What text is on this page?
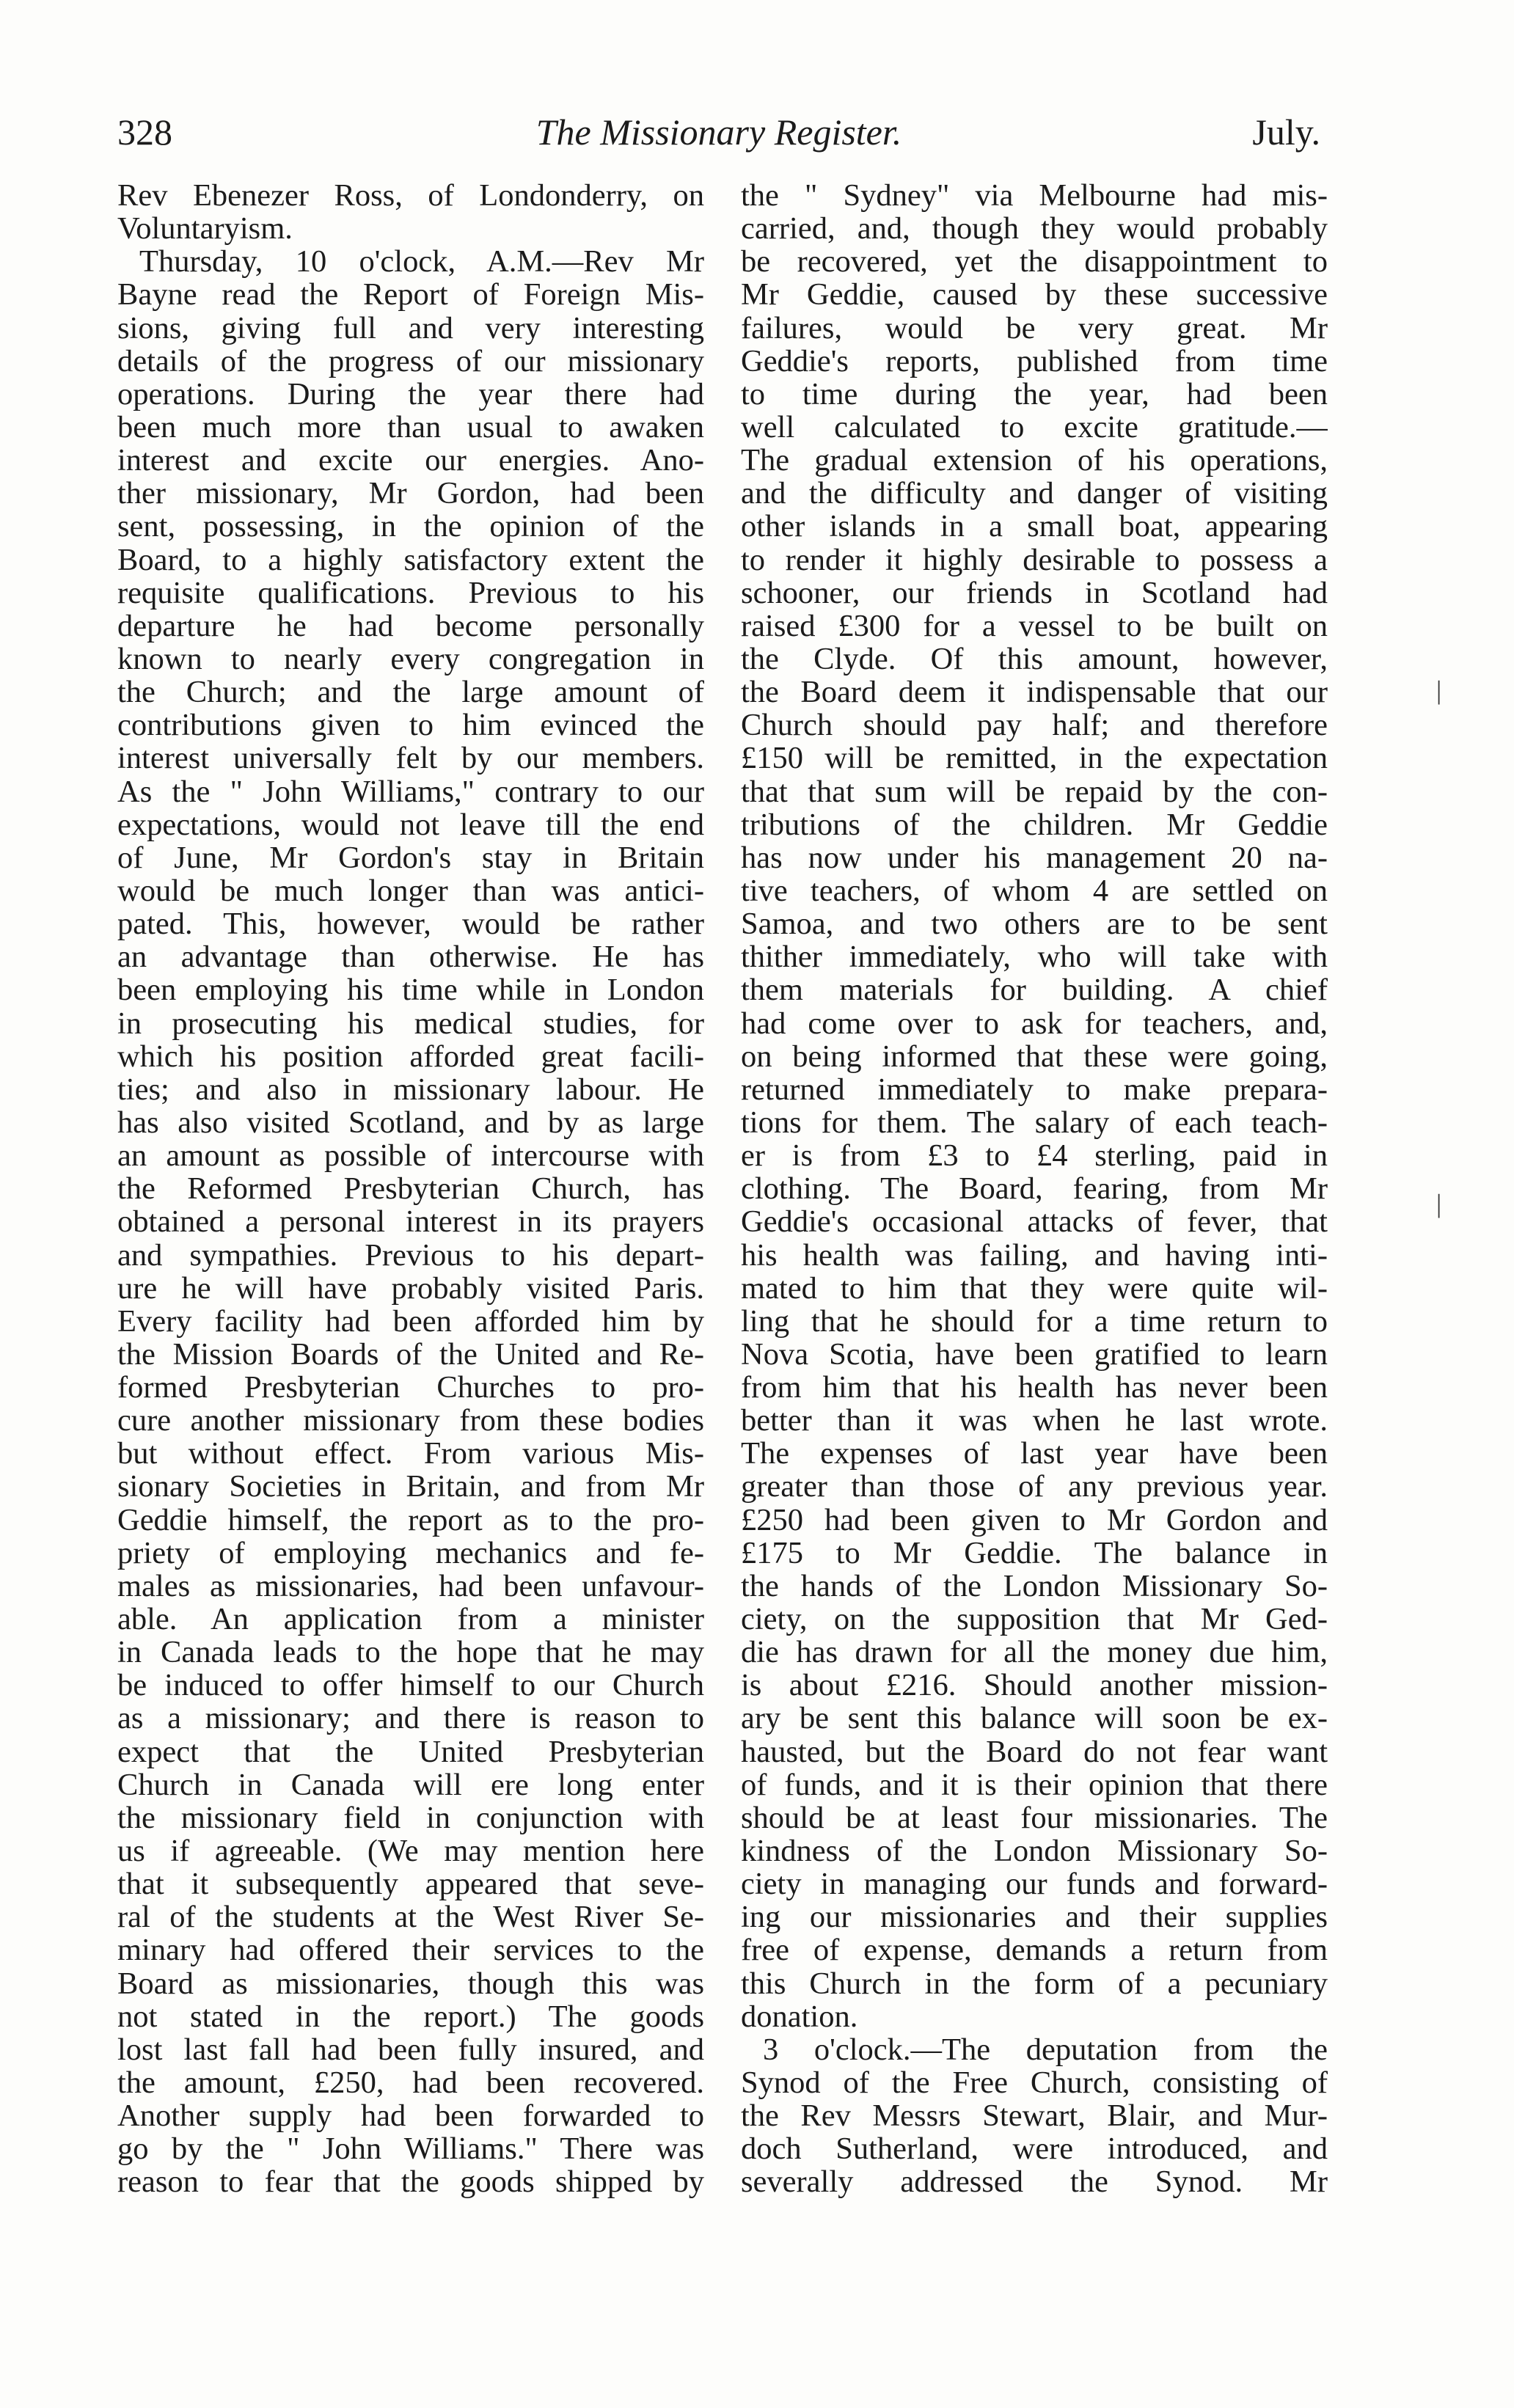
328	The Missionary Register.	July.
Rev Ebenezer Ross, of Londonderry, on
Voluntaryism.
Thursday, 10 o'clock, A.M.—Rev Mr
Bayne read the Report of Foreign Mis-
sions, giving full and very interesting
details of the progress of our missionary
operations. During the year there had
been much more than usual to awaken
interest and excite our energies. Ano-
ther missionary, Mr Gordon, had been
sent, possessing, in the opinion of the
Board, to a highly satisfactory extent the
requisite qualifications. Previous to his
departure he had become personally
known to nearly every congregation in
the Church; and the large amount of
contributions given to him evinced the
interest universally felt by our members.
As the " John Williams," contrary to our
expectations, would not leave till the end
of June, Mr Gordon's stay in Britain
would be much longer than was antici-
pated. This, however, would be rather
an advantage than otherwise. He has
been employing his time while in London
in prosecuting his medical studies, for
which his position afforded great facili-
ties; and also in missionary labour. He
has also visited Scotland, and by as large
an amount as possible of intercourse with
the Reformed Presbyterian Church, has
obtained a personal interest in its prayers
and sympathies. Previous to his depart-
ure he will have probably visited Paris.
Every facility had been afforded him by
the Mission Boards of the United and Re-
formed Presbyterian Churches to pro-
cure another missionary from these bodies
but without effect. From various Mis-
sionary Societies in Britain, and from Mr
Geddie himself, the report as to the pro-
priety of employing mechanics and fe-
males as missionaries, had been unfavour-
able. An application from a minister
in Canada leads to the hope that he may
be induced to offer himself to our Church
as a missionary; and there is reason to
expect that the United Presbyterian
Church in Canada will ere long enter
the missionary field in conjunction with
us if agreeable. (We may mention here
that it subsequently appeared that seve-
ral of the students at the West River Se-
minary had offered their services to the
Board as missionaries, though this was
not stated in the report.) The goods
lost last fall had been fully insured, and
the amount, £250, had been recovered.
Another supply had been forwarded to
go by the " John Williams." There was
reason to fear that the goods shipped by
the " Sydney" via Melbourne had mis-
carried, and, though they would probably
be recovered, yet the disappointment to
Mr Geddie, caused by these successive
failures, would be very great. Mr
Geddie's reports, published from time
to time during the year, had been
well calculated to excite gratitude.—
The gradual extension of his operations,
and the difficulty and danger of visiting
other islands in a small boat, appearing
to render it highly desirable to possess a
schooner, our friends in Scotland had
raised £300 for a vessel to be built on
the Clyde. Of this amount, however,
the Board deem it indispensable that our
Church should pay half; and therefore
£150 will be remitted, in the expectation
that that sum will be repaid by the con-
tributions of the children. Mr Geddie
has now under his management 20 na-
tive teachers, of whom 4 are settled on
Samoa, and two others are to be sent
thither immediately, who will take with
them materials for building. A chief
had come over to ask for teachers, and,
on being informed that these were going,
returned immediately to make prepara-
tions for them. The salary of each teach-
er is from £3 to £4 sterling, paid in
clothing. The Board, fearing, from Mr
Geddie's occasional attacks of fever, that
his health was failing, and having inti-
mated to him that they were quite wil-
ling that he should for a time return to
Nova Scotia, have been gratified to learn
from him that his health has never been
better than it was when he last wrote.
The expenses of last year have been
greater than those of any previous year.
£250 had been given to Mr Gordon and
£175 to Mr Geddie. The balance in
the hands of the London Missionary So-
ciety, on the supposition that Mr Ged-
die has drawn for all the money due him,
is about £216. Should another mission-
ary be sent this balance will soon be ex-
hausted, but the Board do not fear want
of funds, and it is their opinion that there
should be at least four missionaries. The
kindness of the London Missionary So-
ciety in managing our funds and forward-
ing our missionaries and their supplies
free of expense, demands a return from
this Church in the form of a pecuniary
donation.
3 o'clock.—The deputation from the
Synod of the Free Church, consisting of
the Rev Messrs Stewart, Blair, and Mur-
doch Sutherland, were introduced, and
severally addressed the Synod. Mr
|
|
